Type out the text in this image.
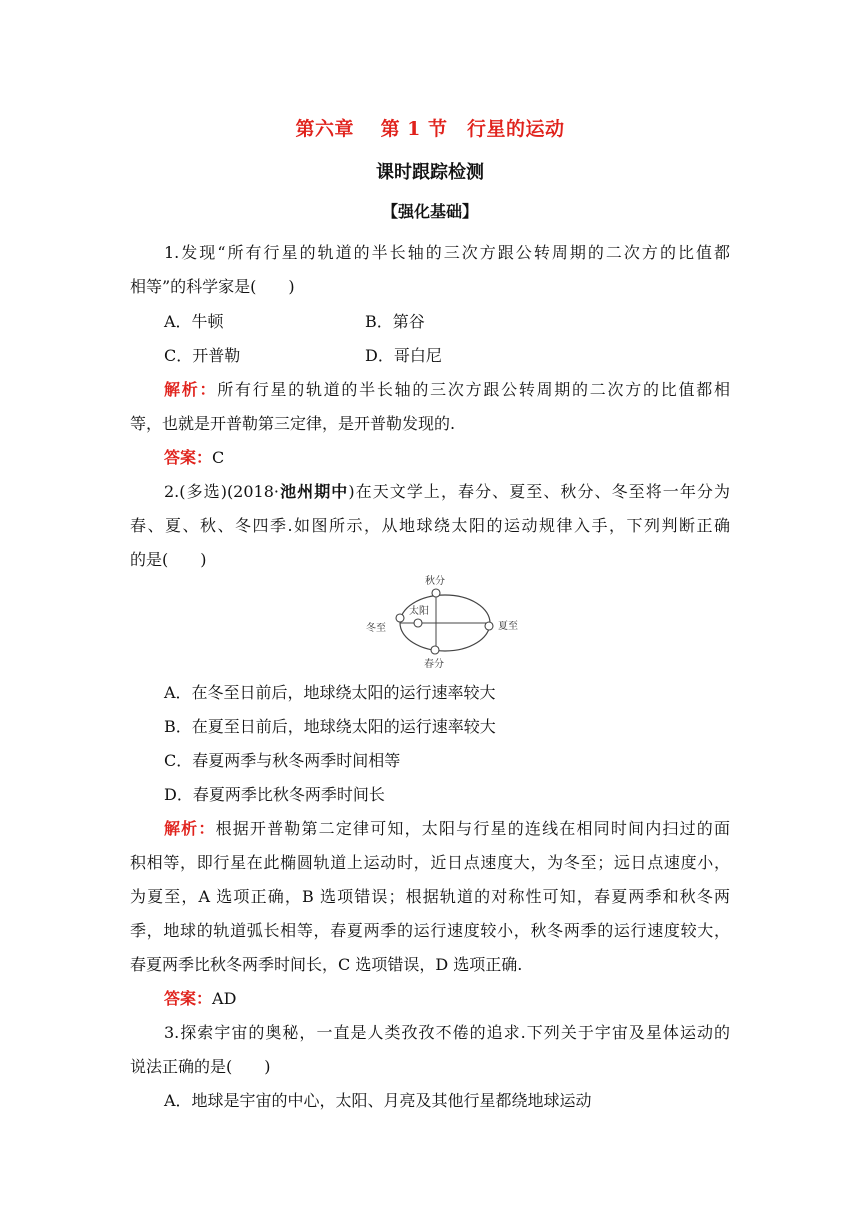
第六章　 第 1 节　行星的运动
课时跟踪检测
【强化基础】
1.发现“所有行星的轨道的半长轴的三次方跟公转周期的二次方的比值都
相等”的科学家是(　　)
A．牛顿	B．第谷
C．开普勒	D．哥白尼
解析：所有行星的轨道的半长轴的三次方跟公转周期的二次方的比值都相
等，也就是开普勒第三定律，是开普勒发现的.
答案：C
2.(多选)(2018·池州期中)在天文学上，春分、夏至、秋分、冬至将一年分为
春、夏、秋、冬四季.如图所示，从地球绕太阳的运动规律入手，下列判断正确
的是(　　)
秋分
太阳
冬至	夏至
春分
A．在冬至日前后，地球绕太阳的运行速率较大
B．在夏至日前后，地球绕太阳的运行速率较大
C．春夏两季与秋冬两季时间相等
D．春夏两季比秋冬两季时间长
解析：根据开普勒第二定律可知，太阳与行星的连线在相同时间内扫过的面
积相等，即行星在此椭圆轨道上运动时，近日点速度大，为冬至；远日点速度小，
为夏至，A 选项正确，B 选项错误；根据轨道的对称性可知，春夏两季和秋冬两
季，地球的轨道弧长相等，春夏两季的运行速度较小，秋冬两季的运行速度较大，
春夏两季比秋冬两季时间长，C 选项错误，D 选项正确.
答案：AD
3.探索宇宙的奥秘，一直是人类孜孜不倦的追求.下列关于宇宙及星体运动的
说法正确的是(　　)
A．地球是宇宙的中心，太阳、月亮及其他行星都绕地球运动
